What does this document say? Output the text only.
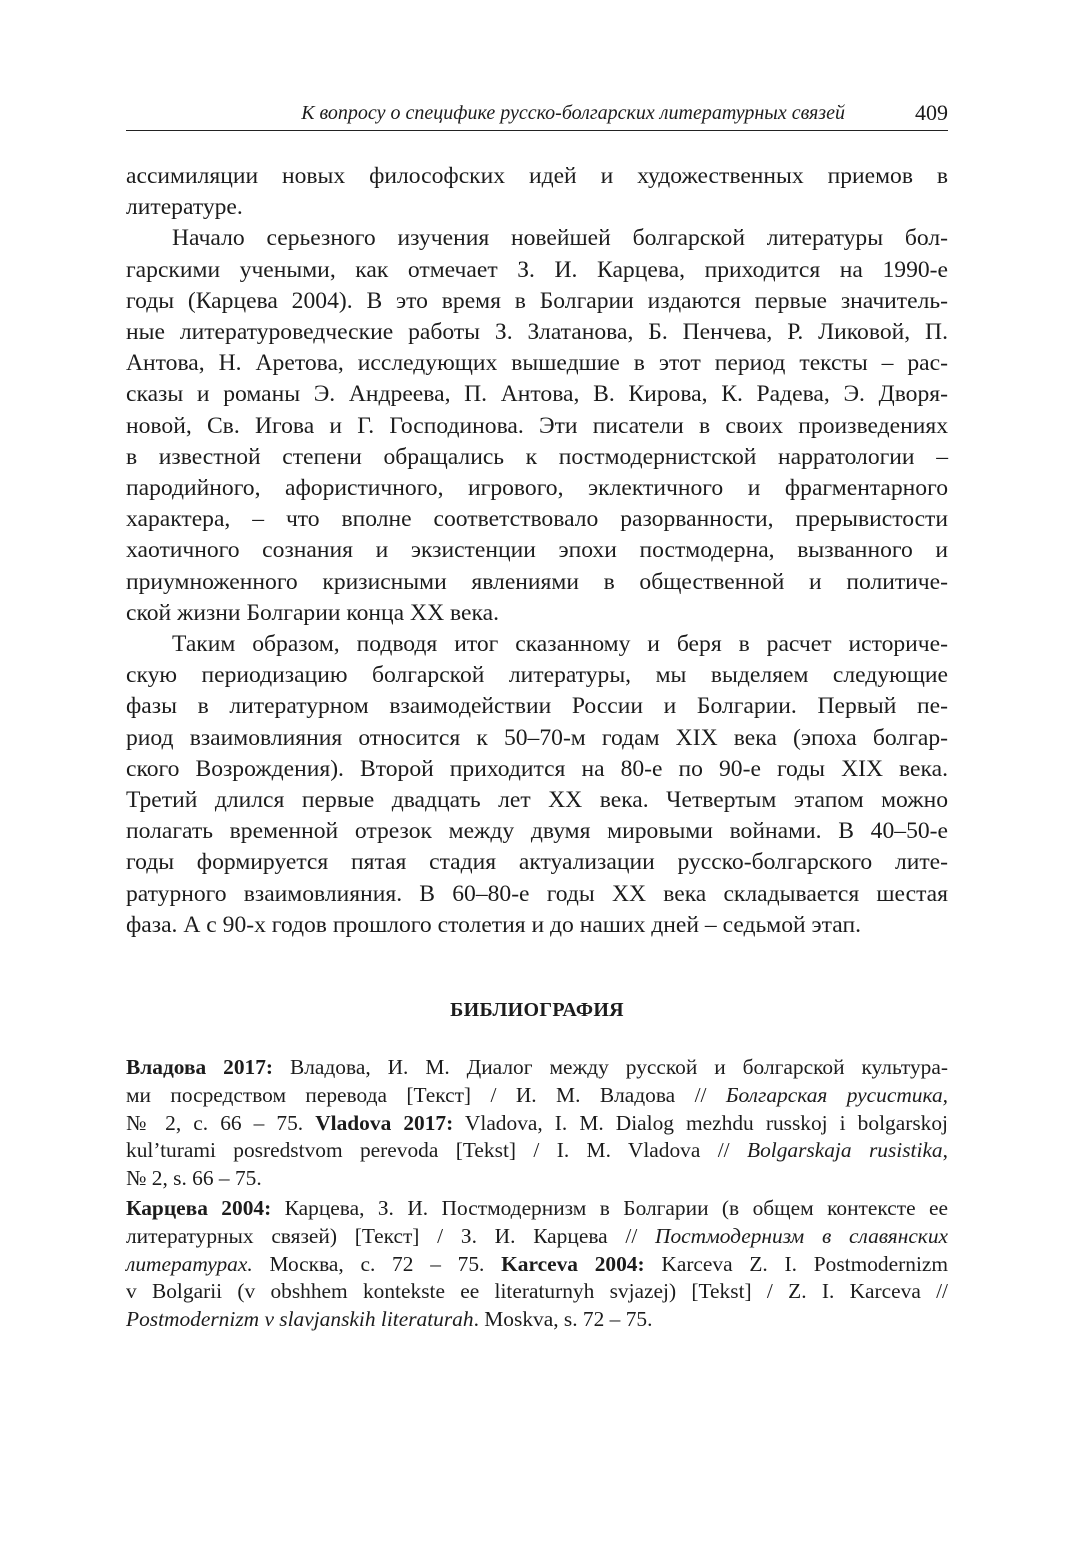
К вопросу о специфике русско-болгарских литературных связей	409

ассимиляции новых философских идей и художественных приемов в
литературе.

Начало серьезного изучения новейшей болгарской литературы бол-
гарскими учеными, как отмечает З. И. Карцева, приходится на 1990-е
годы (Карцева 2004). В это время в Болгарии издаются первые значитель-
ные литературоведческие работы З. Златанова, Б. Пенчева, Р. Ликовой, П.
Антова, Н. Аретова, исследующих вышедшие в этот период тексты – рас-
сказы и романы Э. Андреева, П. Антова, В. Кирова, К. Радева, Э. Дворя-
новой, Св. Игова и Г. Господинова. Эти писатели в своих произведениях
в известной степени обращались к постмодернистской нарратологии –
пародийного, афористичного, игрового, эклектичного и фрагментарного
характера, – что вполне соответствовало разорванности, прерывистости
хаотичного сознания и экзистенции эпохи постмодерна, вызванного и
приумноженного кризисными явлениями в общественной и политиче-
ской жизни Болгарии конца XX века.

Таким образом, подводя итог сказанному и беря в расчет историче-
скую периодизацию болгарской литературы, мы выделяем следующие
фазы в литературном взаимодействии России и Болгарии. Первый пе-
риод взаимовлияния относится к 50–70-м годам XIX века (эпоха болгар-
ского Возрождения). Второй приходится на 80-е по 90-е годы XIX века.
Третий длился первые двадцать лет XX века. Четвертым этапом можно
полагать временной отрезок между двумя мировыми войнами. В 40–50-е
годы формируется пятая стадия актуализации русско-болгарского лите-
ратурного взаимовлияния. В 60–80-е годы XX века складывается шестая
фаза. А с 90-х годов прошлого столетия и до наших дней – седьмой этап.

БИБЛИОГРАФИЯ
Владова 2017: Владова, И. М. Диалог между русской и болгарской культура-
ми посредством перевода [Текст] / И. М. Владова // Болгарская русистика,
№ 2, с. 66 – 75. Vladova 2017: Vladova, I. M. Dialog mezhdu russkoj i bolgarskoj
kul’turami posredstvom perevoda [Tekst] / I. M. Vladova // Bolgarskaja rusistika,
№ 2, s. 66 – 75.
Карцева 2004: Карцева, З. И. Постмодернизм в Болгарии (в общем контексте ее
литературных связей) [Текст] / З. И. Карцева // Постмодернизм в славянских
литературах. Москва, с. 72 – 75. Karceva 2004: Karceva Z. I. Postmodernizm
v Bolgarii (v obshhem kontekste ee literaturnyh svjazej) [Tekst] / Z. I. Karceva //
Postmodernizm v slavjanskih literaturah. Moskva, s. 72 – 75.
